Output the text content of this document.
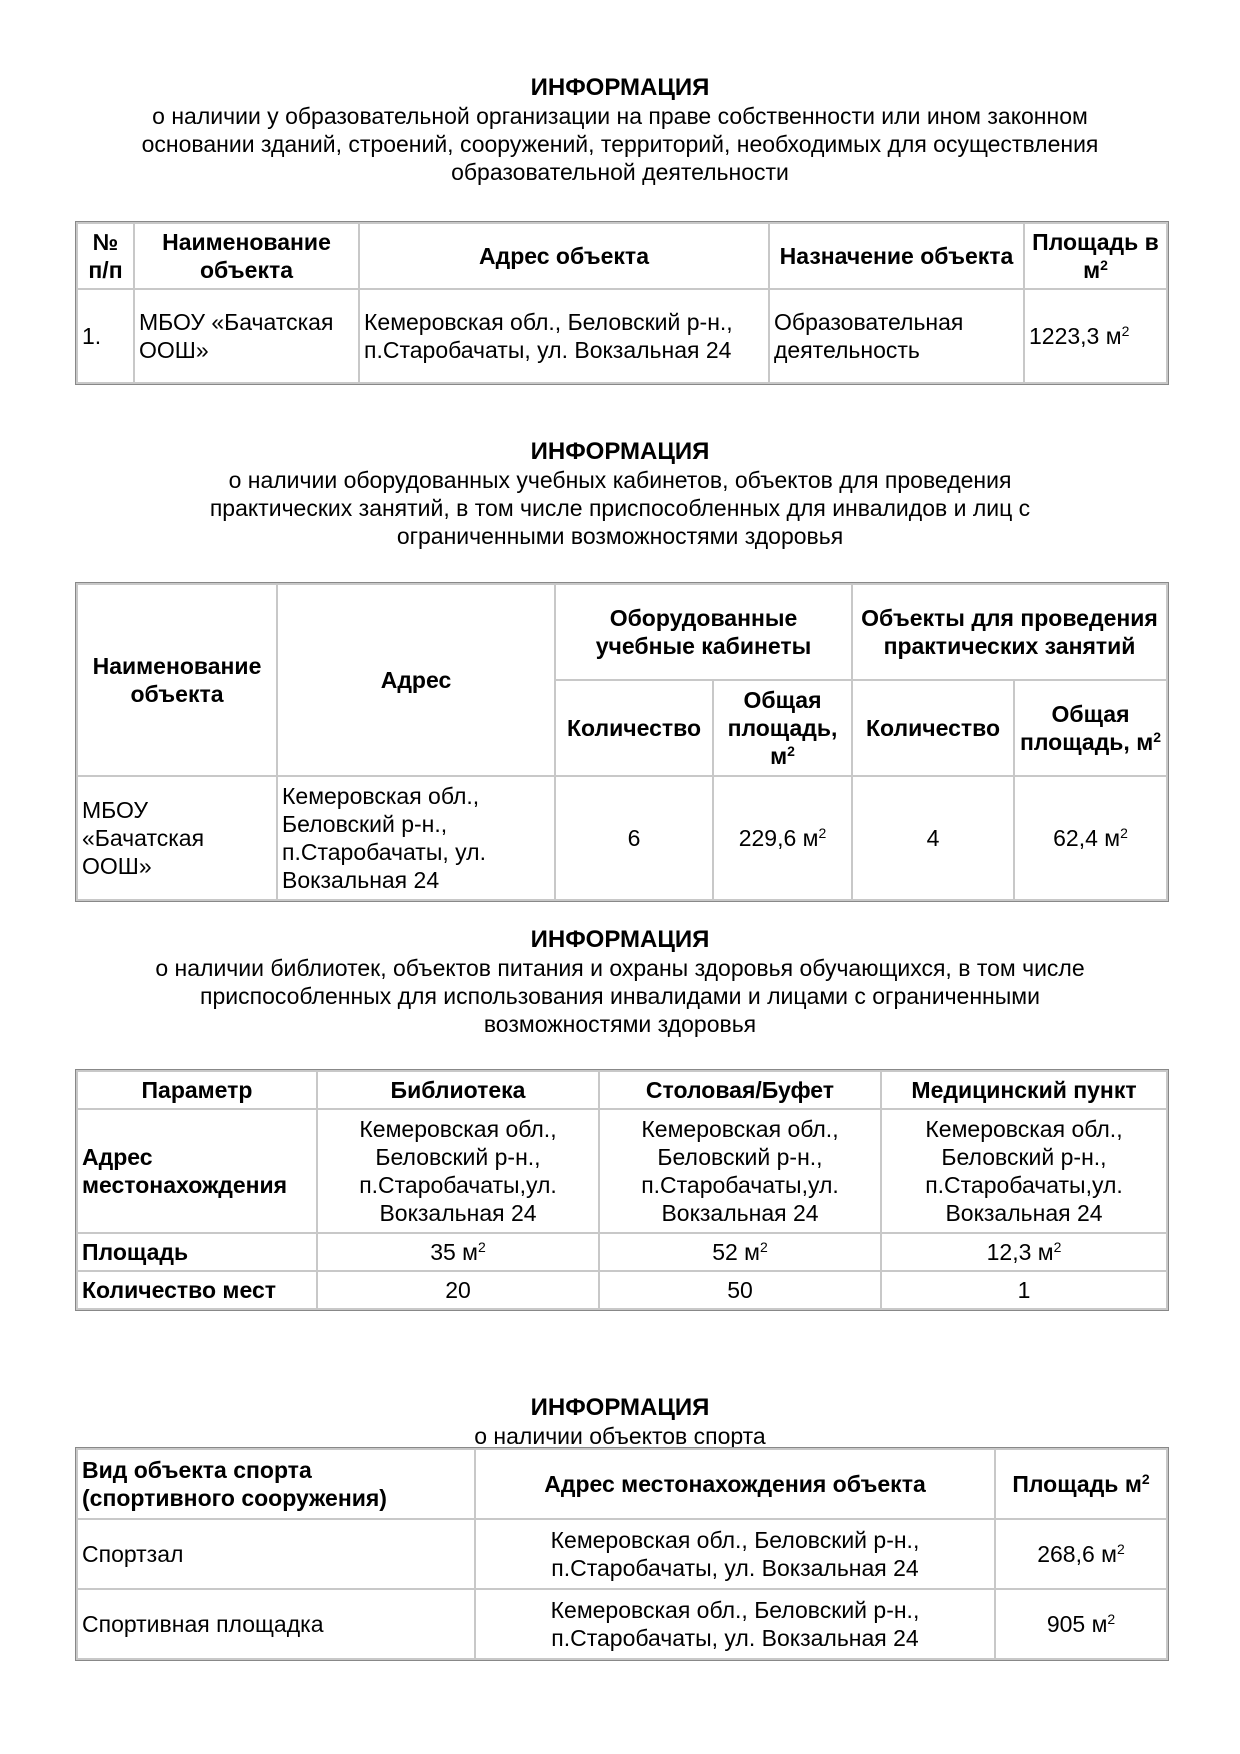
ИНФОРМАЦИЯ
о наличии у образовательной организации на праве собственности или ином законном основании зданий, строений, сооружений, территорий, необходимых для осуществления образовательной деятельности
№ п/п	Наименование объекта	Адрес объекта	Назначение объекта	Площадь в $м^2$
1.	МБОУ «Бачатская ООШ»	Кемеровская обл., Беловский р-н., п.Старобачаты, ул. Вокзальная 24	Образовательная деятельность	1223,3 $м^2$
ИНФОРМАЦИЯ
о наличии оборудованных учебных кабинетов, объектов для проведения практических занятий, в том числе приспособленных для инвалидов и лиц с ограниченными возможностями здоровья
Наименование объекта	Адрес	Оборудованные учебные кабинеты		Объекты для проведения практических занятий	
		Количество	Общая площадь, $м^2$	Количество	Общая площадь, $м^2$
МБОУ «Бачатская ООШ»	Кемеровская обл., Беловский р-н., п.Старобачаты, ул. Вокзальная 24	6	229,6 $м^2$	4	62,4 $м^2$
ИНФОРМАЦИЯ
о наличии библиотек, объектов питания и охраны здоровья обучающихся, в том числе приспособленных для использования инвалидами и лицами с ограниченными возможностями здоровья
Параметр	Библиотека	Столовая/Буфет	Медицинский пункт
Адрес местонахождения	Кемеровская обл., Беловский р-н., п.Старобачаты,ул. Вокзальная 24	Кемеровская обл., Беловский р-н., п.Старобачаты,ул. Вокзальная 24	Кемеровская обл., Беловский р-н., п.Старобачаты,ул. Вокзальная 24
Площадь	35 $м^2$	52 $м^2$	12,3 $м^2$
Количество мест	20	50	1
ИНФОРМАЦИЯ
о наличии объектов спорта
Вид объекта спорта (спортивного сооружения)	Адрес местонахождения объекта	Площадь $м^2$
Спортзал	Кемеровская обл., Беловский р-н., п.Старобачаты, ул. Вокзальная 24	268,6 $м^2$
Спортивная площадка	Кемеровская обл., Беловский р-н., п.Старобачаты, ул. Вокзальная 24	905 $м^2$
